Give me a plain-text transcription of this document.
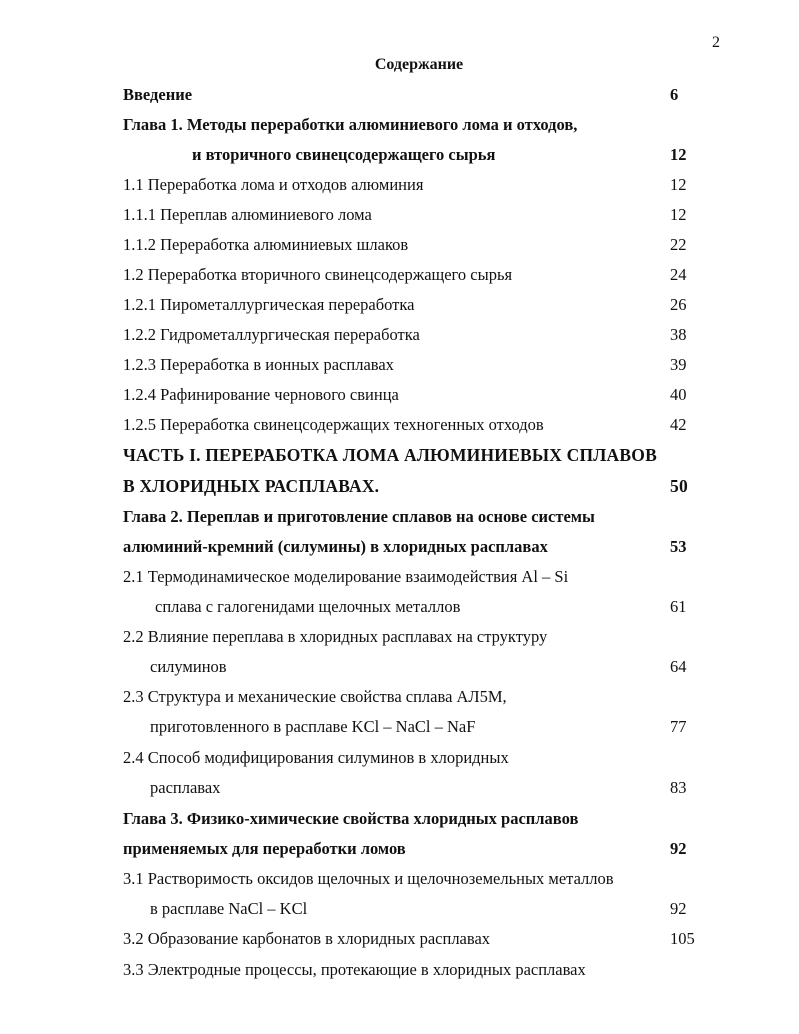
2
Содержание
Введение	6
Глава 1. Методы переработки алюминиевого лома и отходов,
и вторичного свинецсодержащего сырья	12
1.1 Переработка лома и отходов алюминия	12
1.1.1 Переплав алюминиевого лома	12
1.1.2 Переработка алюминиевых шлаков	22
1.2 Переработка вторичного свинецсодержащего сырья	24
1.2.1 Пирометаллургическая переработка	26
1.2.2 Гидрометаллургическая переработка	38
1.2.3 Переработка в ионных расплавах	39
1.2.4 Рафинирование чернового свинца	40
1.2.5 Переработка свинецсодержащих техногенных отходов	42
ЧАСТЬ I. ПЕРЕРАБОТКА ЛОМА АЛЮМИНИЕВЫХ СПЛАВОВ
В ХЛОРИДНЫХ РАСПЛАВАХ.	50
Глава 2. Переплав и приготовление сплавов на основе системы
алюминий-кремний (силумины) в хлоридных расплавах	53
2.1 Термодинамическое моделирование взаимодействия Al – Si
сплава с галогенидами щелочных металлов	61
2.2 Влияние переплава в хлоридных расплавах на структуру
силуминов	64
2.3 Структура и механические свойства сплава АЛ5М,
приготовленного в расплаве KCl – NaCl – NaF	77
2.4 Способ модифицирования силуминов в хлоридных
расплавах	83
Глава 3. Физико-химические свойства хлоридных расплавов
применяемых для переработки ломов	92
3.1 Растворимость оксидов щелочных и щелочноземельных металлов
в расплаве NaCl – KCl	92
3.2 Образование карбонатов в хлоридных расплавах	105
3.3 Электродные процессы, протекающие в хлоридных расплавах
